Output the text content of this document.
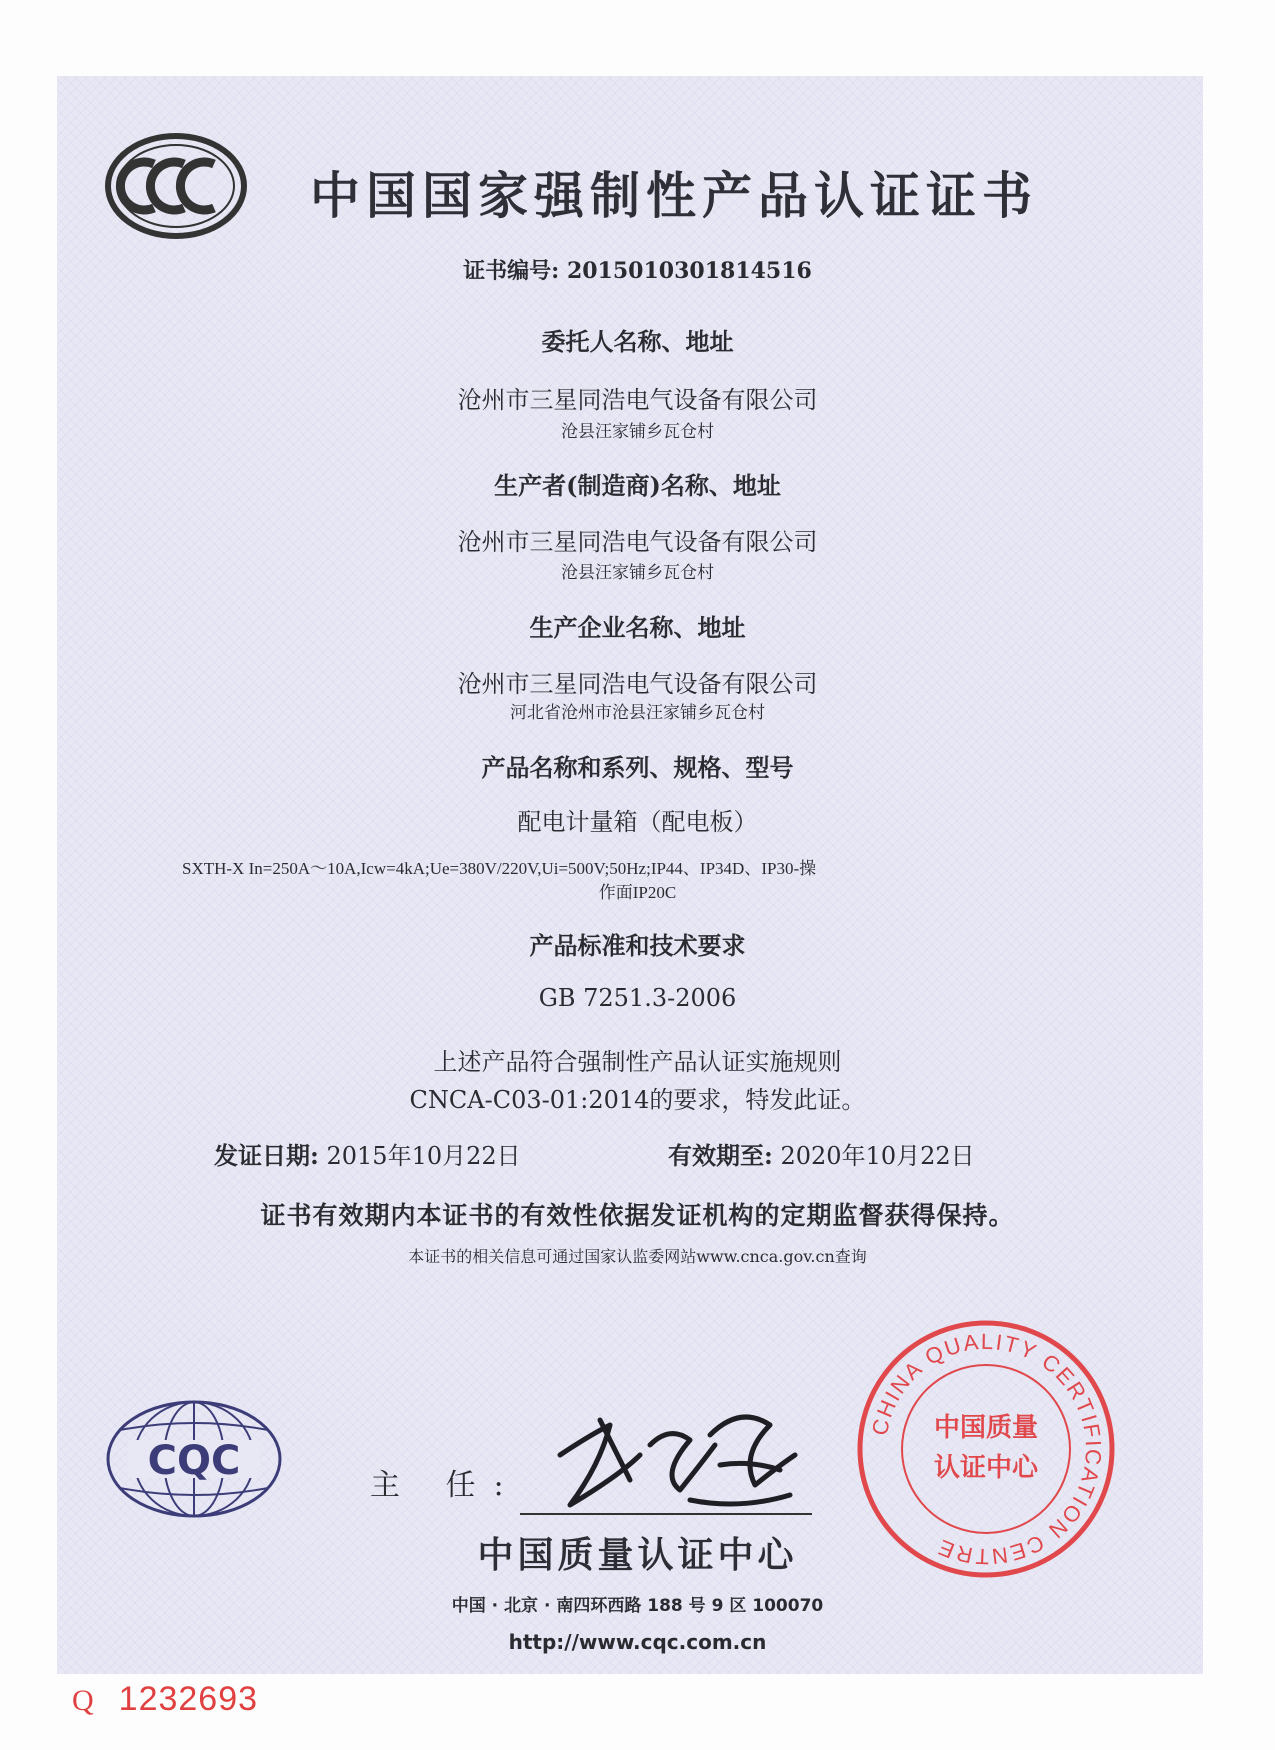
中国国家强制性产品认证证书
证书编号: 2015010301814516
委托人名称、地址
沧州市三星同浩电气设备有限公司
沧县汪家铺乡瓦仓村
生产者(制造商)名称、地址
沧州市三星同浩电气设备有限公司
沧县汪家铺乡瓦仓村
生产企业名称、地址
沧州市三星同浩电气设备有限公司
河北省沧州市沧县汪家铺乡瓦仓村
产品名称和系列、规格、型号
配电计量箱（配电板）
SXTH-X In=250A～10A,Icw=4kA;Ue=380V/220V,Ui=500V;50Hz;IP44、IP34D、IP30-操
作面IP20C
产品标准和技术要求
GB 7251.3-2006
上述产品符合强制性产品认证实施规则
CNCA-C03-01:2014的要求，特发此证。
发证日期: 2015年10月22日	有效期至: 2020年10月22日
证书有效期内本证书的有效性依据发证机构的定期监督获得保持。
本证书的相关信息可通过国家认监委网站www.cnca.gov.cn查询
CQC
主 任:
中国质量认证中心
中国 · 北京 · 南四环西路 188 号 9 区 100070
http://www.cqc.com.cn
CHINA QUALITY CERTIFICATION CENTRE
中国质量
认证中心
Q 1232693
